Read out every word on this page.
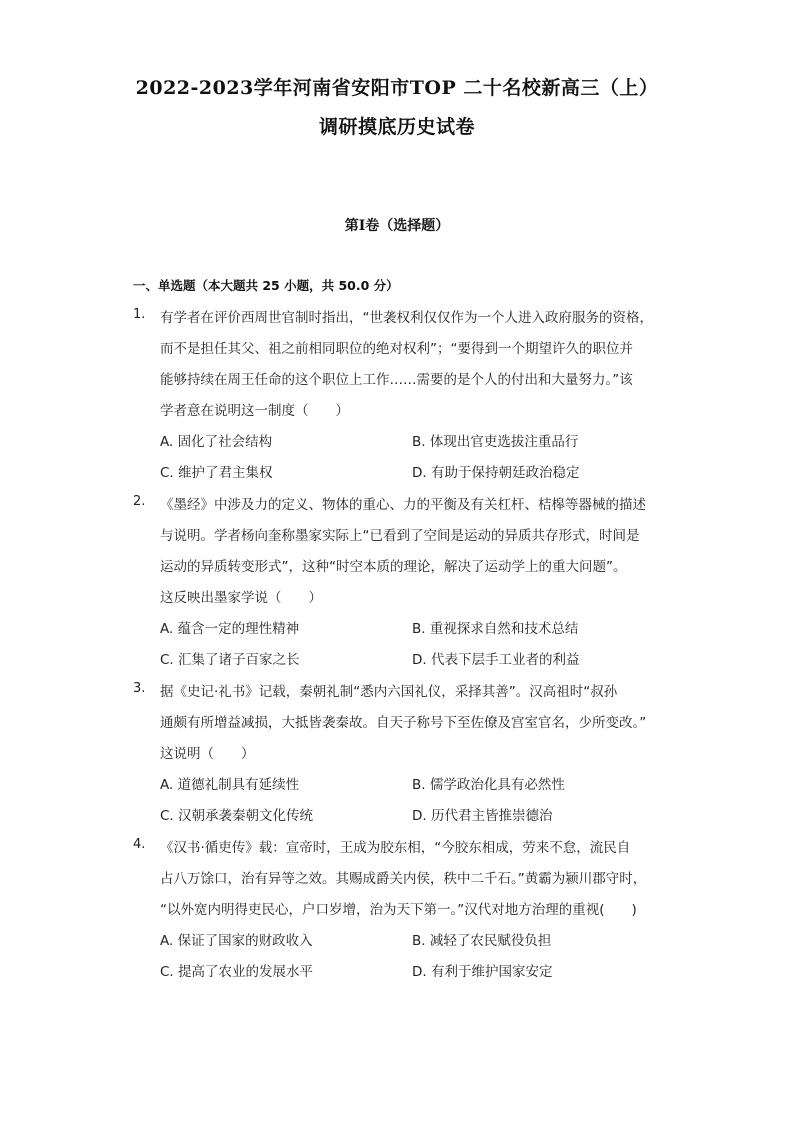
2022-2023学年河南省安阳市TOP 二十名校新高三（上）
调研摸底历史试卷
第Ⅰ卷（选择题）
一、单选题（本大题共 25 小题，共 50.0 分）
1. 有学者在评价西周世官制时指出，“世袭权利仅仅作为一个人进入政府服务的资格，
而不是担任其父、祖之前相同职位的绝对权利”；“要得到一个期望许久的职位并
能够持续在周王任命的这个职位上工作……需要的是个人的付出和大量努力。”该
学者意在说明这一制度（　　）
A. 固化了社会结构	B. 体现出官吏选拔注重品行
C. 维护了君主集权	D. 有助于保持朝廷政治稳定
2. 《墨经》中涉及力的定义、物体的重心、力的平衡及有关杠杆、桔槔等器械的描述
与说明。学者杨向奎称墨家实际上“已看到了空间是运动的异质共存形式，时间是
运动的异质转变形式”，这种“时空本质的理论，解决了运动学上的重大问题”。
这反映出墨家学说（　　）
A. 蕴含一定的理性精神	B. 重视探求自然和技术总结
C. 汇集了诸子百家之长	D. 代表下层手工业者的利益
3. 据《史记·礼书》记载，秦朝礼制“悉内六国礼仪，采择其善”。汉高祖时“叔孙
通颇有所增益减损，大抵皆袭秦故。自天子称号下至佐僚及宫室官名，少所变改。”
这说明（　　）
A. 道德礼制具有延续性	B. 儒学政治化具有必然性
C. 汉朝承袭秦朝文化传统	D. 历代君主皆推崇德治
4. 《汉书·循吏传》载：宣帝时，王成为胶东相，“今胶东相成，劳来不怠，流民自
占八万馀口，治有异等之效。其赐成爵关内侯，秩中二千石。”黄霸为颍川郡守时，
“以外宽内明得吏民心，户口岁增，治为天下第一。”汉代对地方治理的重视(　　)
A. 保证了国家的财政收入	B. 减轻了农民赋役负担
C. 提高了农业的发展水平	D. 有利于维护国家安定
